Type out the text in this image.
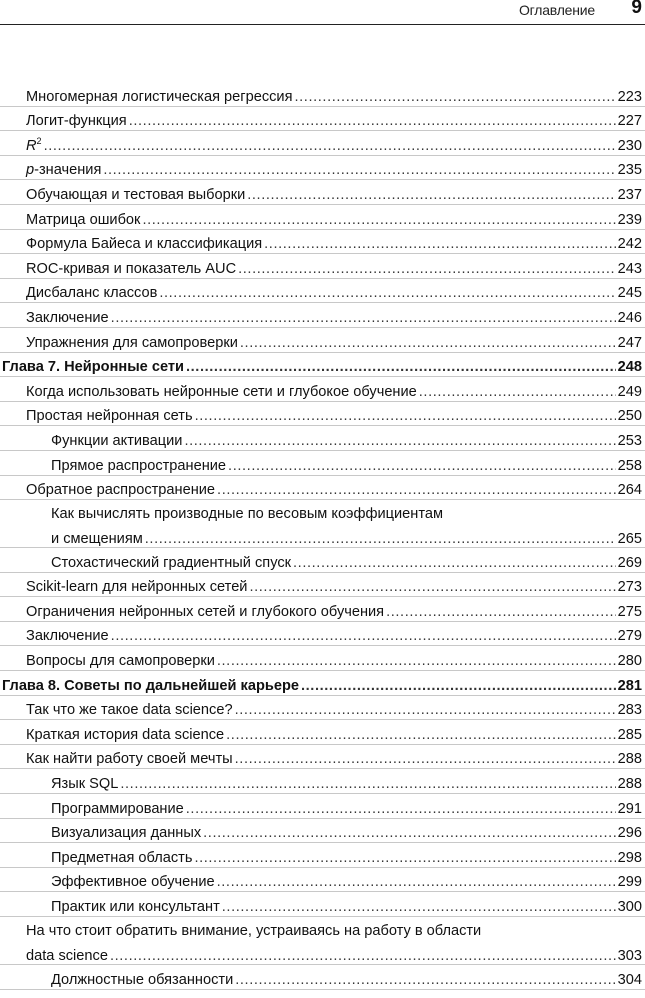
Оглавление 9
Многомерная логистическая регрессия .....	223
Логит-функция .....	227
$R^2$ .....	230
p-значения .....	235
Обучающая и тестовая выборки .....	237
Матрица ошибок .....	239
Формула Байеса и классификация .....	242
ROC-кривая и показатель AUC .....	243
Дисбаланс классов .....	245
Заключение .....	246
Упражнения для самопроверки .....	247
Глава 7. Нейронные сети .....	248
Когда использовать нейронные сети и глубокое обучение .....	249
Простая нейронная сеть .....	250
Функции активации .....	253
Прямое распространение .....	258
Обратное распространение .....	264
Как вычислять производные по весовым коэффициентам
и смещениям .....	265
Стохастический градиентный спуск .....	269
Scikit-learn для нейронных сетей .....	273
Ограничения нейронных сетей и глубокого обучения .....	275
Заключение .....	279
Вопросы для самопроверки .....	280
Глава 8. Советы по дальнейшей карьере .....	281
Так что же такое data science? .....	283
Краткая история data science .....	285
Как найти работу своей мечты .....	288
Язык SQL .....	288
Программирование .....	291
Визуализация данных .....	296
Предметная область .....	298
Эффективное обучение .....	299
Практик или консультант .....	300
На что стоит обратить внимание, устраиваясь на работу в области
data science .....	303
Должностные обязанности .....	304
